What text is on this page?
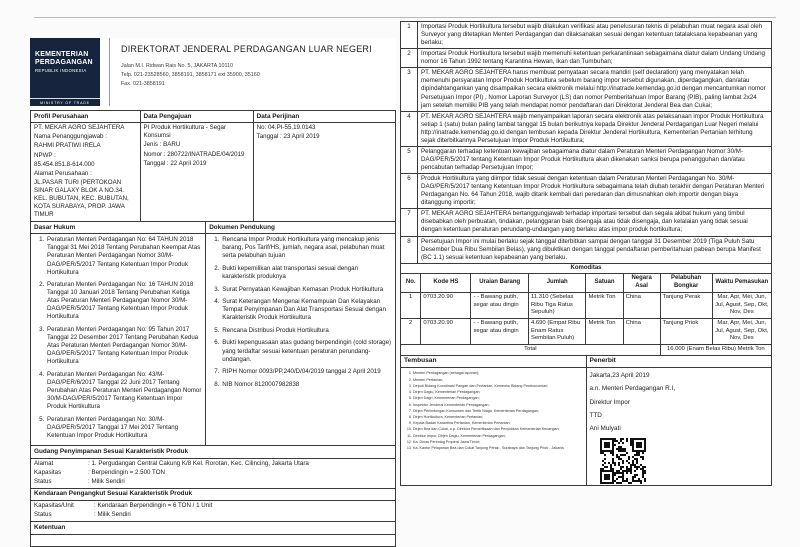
KEMENTERIAN PERDAGANGAN
REPUBLIK INDONESIA
MINISTRY OF TRADE
DIREKTORAT JENDERAL PERDAGANGAN LUAR NEGERI
Jalan M.I. Ridwan Rais No. 5, JAKARTA 10110
Telp. 021-23528560, 3858191, 3858171 ext 35900, 35160
Fax. 021-3858191
Profil Perusahaan	Data Pengajuan	Data Perijinan

PT. MEKAR AGRO SEJAHTERA
Nama Penanggungjawab :
RAHMI PRATIWI IRELA
NPWP :
85.454.851.8-614.000
Alamat Perusahaan :
JL.PASAR TURI (PERTOKOAN SINAR GALAXY BLOK A NO.34. KEL. BUBUTAN, KEC. BUBUTAN, KOTA SURABAYA, PROP. JAWA TIMUR

PI Produk Hortikultura - Segar Konsumsi
Jenis : BARU
Nomor : 280722/INATRADE/04/2019
Tanggal : 22 April 2019

No: 04.PI-55.19.0143
Tanggal : 23 April 2019
Dasar Hukum	Dokumen Pendukung

1. Peraturan Menteri Perdagangan No: 64 TAHUN 2018 Tanggal 31 Mei 2018 Tentang Perubahan Keempat Atas Peraturan Menteri Perdagangan Nomor 30/M-DAG/PER/5/2017 Tentang Ketentuan Impor Produk Hortikultura
2. Peraturan Menteri Perdagangan No: 16 TAHUN 2018 Tanggal 10 Januari 2018 Tentang Perubahan Ketiga Atas Peraturan Menteri Perdagangan Nomor 30/M-DAG/PER/5/2017 Tentang Ketentuan Impor Produk Hortikultura
3. Peraturan Menteri Perdagangan No: 95 Tahun 2017 Tanggal 22 Desember 2017 Tentang Perubahan Kedua Atas Peraturan Menteri Perdagangan Nomor 30/M-DAG/PER/5/2017 Tentang Ketentuan Impor Produk Hortikultura
4. Peraturan Menteri Perdagangan No: 43/M-DAG/PER/6/2017 Tanggal 22 Juni 2017 Tentang Perubahan Atas Peraturan Menteri Perdagangan Nomor 30/M-DAG/PER/5/2017 Tentang Ketentuan Impor Produk Hortikultura
5. Peraturan Menteri Perdagangan No: 30/M-DAG/PER/5/2017 Tanggal 17 Mei 2017 Tentang Ketentuan Impor Produk Hortikultura

1. Rencana Impor Produk Hortikultura yang mencakup jenis barang, Pos Tarif/HS, jumlah, negara asal, pelabuhan muat serta pelabuhan tujuan
2. Bukti kepemilikan alat transportasi sesuai dengan karakteristik produknya
3. Surat Pernyataan Kewajiban Kemasan Produk Hortikultura
4. Surat Keterangan Mengenai Kemampuan Dan Kelayakan Tempat Penyimpanan Dan Alat Transportasi Sesuai dengan Karakteristik Produk Hortikultura
5. Rencana Distribusi Produk Hortikultura
6. Bukti kepenguasaan atas gudang berpendingin (cold storage) yang terdaftar sesuai ketentuan peraturan perundang-undangan.
7. RIPH Nomor 0093/PP.240/D/04/2019 tanggal 2 April 2019
8. NIB Nomor 8120007982838
Gudang Penyimpanan Sesuai Karakteristik Produk

Alamat	: 1. Pergudangan Central Cakung K/8 Kel. Rorotan, Kec. Cilincing, Jakarta Utara
Kapasitas	: Berpendingin = 2.500 TON
Status	: Milik Sendiri
Kendaraan Pengangkut Sesuai Karakteristik Produk

Kapasitas/Unit	: Kendaraan Berpendingin = 6 TON / 1 Unit
Status	: Milik Sendiri
Ketentuan

1	Importasi Produk Hortikultura tersebut wajib dilakukan verifikasi atau penelusuran teknis di pelabuhan muat negara asal oleh Surveyor yang ditetapkan Menteri Perdagangan dan dilaksanakan sesuai dengan ketentuan tatalaksana kepabeanan yang berlaku;
2	Importasi Produk Hortikultura tersebut wajib memenuhi ketentuan perkarantinaan sebagaimana diatur dalam Undang Undang nomor 16 Tahun 1992 tentang Karantina Hewan, Ikan dan Tumbuhan;
3	PT. MEKAR AGRO SEJAHTERA harus membuat pernyataan secara mandiri (self declaration) yang menyatakan telah memenuhi persyaratan Impor Produk Hortikultura sebelum barang impor tersebut digunakan, diperdagangkan, dan/atau dipindahtangankan yang disampaikan secara elektronik melalui http://inatrade.kemendag.go.id dengan mencantumkan nomor Persetujuan Impor (PI) , Nomor Laporan Surveyor (LS) dan nomor Pemberitahuan Impor Barang (PIB), paling lambat 2x24 jam setelah memiliki PIB yang telah mendapat nomor pendaftaran dari Direktorat Jenderal Bea dan Cukai;
4	PT. MEKAR AGRO SEJAHTERA wajib menyampaikan laporan secara elektronik atas pelaksanaan impor Produk Hortikultura setiap 1 (satu) bulan paling lambat tanggal 15 bulan berikutnya kepada Direktur Jenderal Perdagangan Luar Negeri melalui http://inatrade.kemendag.go.id dengan tembusan kepada Direktur Jenderal Hortikultura, Kementerian Pertanian terhitung sejak diterbitkannya Persetujuan Impor Produk Hortikultura;
5	Pelanggaran terhadap ketentuan kewajiban sebagaimana diatur dalam Peraturan Menteri Perdagangan Nomor 30/M-DAG/PER/5/2017 tentang Ketentuan Impor Produk Hortikultura akan dikenakan sanksi berupa penangguhan dan/atau pencabutan terhadap Persetujuan Impor;
6	Produk Hortikultura yang diimpor tidak sesuai dengan ketentuan dalam Peraturan Menteri Perdagangan No. 30/M-DAG/PER/5/2017 tentang Ketentuan Impor Produk Hortikultura sebagaimana telah diubah terakhir dengan Peraturan Menteri Perdagangan No. 64 Tahun 2018, wajib ditarik kembali dari peredaran dan dimusnahkan oleh importir dengan biaya ditanggung importir;
7	PT. MEKAR AGRO SEJAHTERA bertanggungjawab terhadap importasi tersebut dan segala akibat hukum yang timbul disebabkan oleh perbuatan, tindakan, pelanggaran baik disengaja atau tidak disengaja, dan kelalaian yang tidak sesuai dengan ketentuan peraturan perundang-undangan yang berlaku atas impor produk hortikultura;
8	Persetujuan Impor ini mulai berlaku sejak tanggal diterbitkan sampai dengan tanggal 31 Desember 2019 (Tiga Puluh Satu Desember Dua Ribu Sembilan Belas), yang dibuktikan dengan tanggal pendaftaran pemberitahuan pabean berupa Manifest (BC 1.1) sesuai ketentuan kepabeanan yang berlaku.
Komoditas							
No.	Kode HS	Uraian Barang	Jumlah	Satuan	Negara Asal	Pelabuhan Bongkar	Waktu Pemasukan
1	0703.20.90	- - Bawang putih, segar atau dingin	11.310 (Sebelas Ribu Tiga Ratus Sepuluh)	Metrik Ton	China	Tanjung Perak	Mar, Apr, Mei, Jun, Jul, Agust, Sep, Okt, Nov, Des
2	0703.20.90	- - Bawang putih, segar atau dingin	4.690 (Empat Ribu Enam Ratus Sembilan Puluh)	Metrik Ton	China	Tanjung Priok	Mar, Apr, Mei, Jun, Jul, Agust, Sep, Okt, Nov, Des
Total						16.000 (Enam Belas Ribu) Metrik Ton	
Tembusan	Penerbit

1. Menteri Perdagangan (sebagai laporan);
2. Menteri Pertanian;
3. Deputi Bidang Koordinasi Pangan dan Pertanian, Kemenko Bidang Perekonomian;
4. Dirjen Daglu, Kementerian Perdagangan;
5. Dirjen Dagri, Kementerian Perdagangan;
6. Inspektur Jenderal Kementerian Perdagangan;
7. Dirjen Perlindungan Konsumen dan Tertib Niaga, Kementerian Perdagangan;
8. Dirjen Hortikultura, Kementerian Pertanian;
9. Kepala Badan Karantina Pertanian, Kementerian Pertanian;
10. Dirjen Bea dan Cukai, u.p. Direktur Pemeriksaan dan Penyidikan Kementerian Keuangan;
11. Direktur Impor, Dirjen Daglu, Kementerian Perdagangan;
12. Ka. Dinas Perindag Propinsi Jawa Timur;
13. Ka. Kantor Pelayanan Bea dan Cukai Tanjung Perak - Surabaya dan Tanjung Priok - Jakarta.

Jakarta,23 April 2019
a.n. Menteri Perdagangan R.I,
Direktur Impor
TTD
Ani Mulyati
